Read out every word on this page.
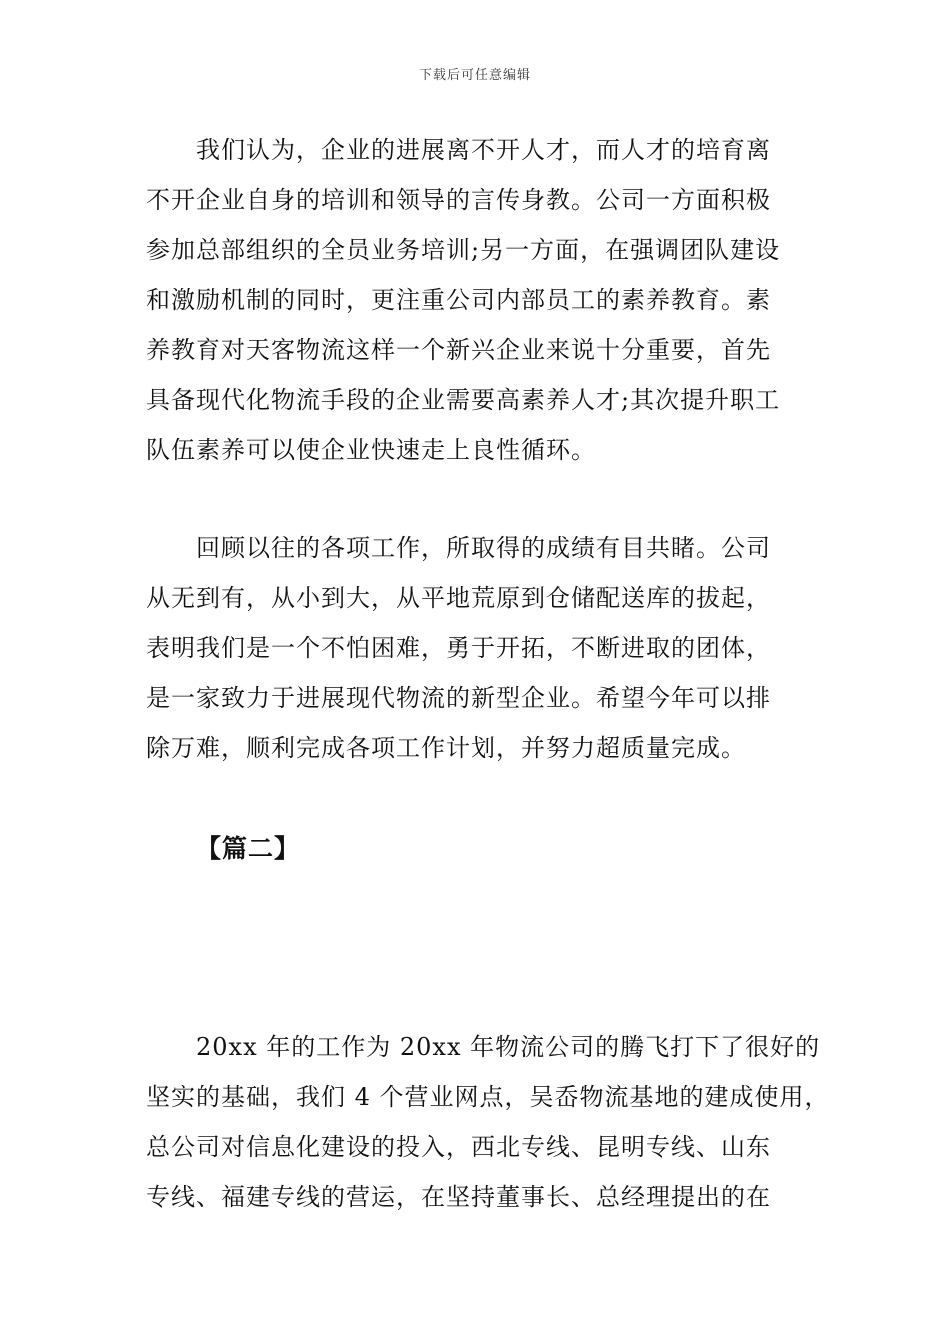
下载后可任意编辑

我们认为，企业的进展离不开人才，而人才的培育离
不开企业自身的培训和领导的言传身教。公司一方面积极
参加总部组织的全员业务培训;另一方面，在强调团队建设
和激励机制的同时，更注重公司内部员工的素养教育。素
养教育对天客物流这样一个新兴企业来说十分重要，首先
具备现代化物流手段的企业需要高素养人才;其次提升职工
队伍素养可以使企业快速走上良性循环。

回顾以往的各项工作，所取得的成绩有目共睹。公司
从无到有，从小到大，从平地荒原到仓储配送库的拔起，
表明我们是一个不怕困难，勇于开拓，不断进取的团体，
是一家致力于进展现代物流的新型企业。希望今年可以排
除万难，顺利完成各项工作计划，并努力超质量完成。

【篇二】

20xx 年的工作为 20xx 年物流公司的腾飞打下了很好的
坚实的基础，我们 4 个营业网点，吴岙物流基地的建成使用，
总公司对信息化建设的投入，西北专线、昆明专线、山东
专线、福建专线的营运，在坚持董事长、总经理提出的在
